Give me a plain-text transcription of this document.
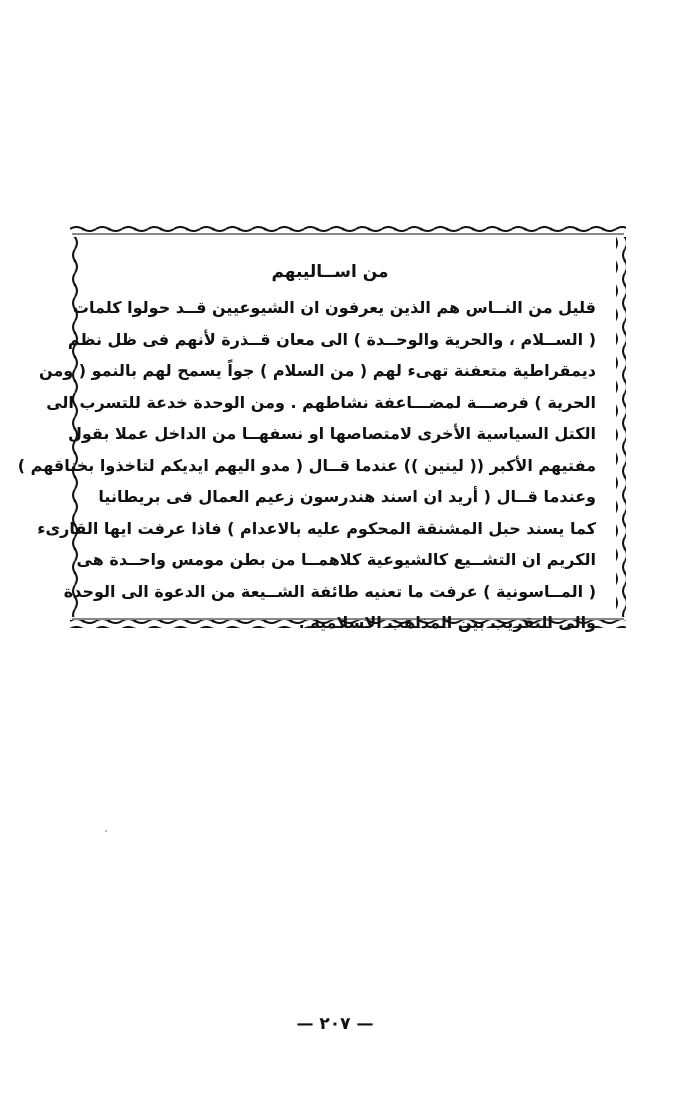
من اســاليبهم
قليل من النــاس هم الذين يعرفون ان الشيوعيين قــد حولوا كلمات
( الســلام ، والحرية والوحــدة ) الى معان قــذرة لأنهم فى ظل نظم
ديمقراطية متعفنة تهىء لهم ( من السلام ) جواً يسمح لهم بالنمو ( ومن
الحرية ) فرصـــة لمضـــاعفة نشاطهم . ومن الوحدة خدعة للتسرب الى
الكتل السياسية الأخرى لامتصاصها او نسفهــا من الداخل عملا بقول
مفتيهم الأكبر (( لينين )) عندما قــال ( مدو اليهم ايديكم لتاخذوا بخناقهم )
وعندما قــال ( أريد ان اسند هندرسون زعيم العمال فى بريطانيا
كما يسند حبل المشنقة المحكوم عليه بالاعدام ) فاذا عرفت ايها القارىء
الكريم ان التشــيع كالشيوعية كلاهمــا من بطن مومس واحــدة هى
( المــاسونية ) عرفت ما تعنيه طائفة الشــيعة من الدعوة الى الوحدة
والى التقريب بين المذاهب الاسلامية .
— ٢٠٧ —
